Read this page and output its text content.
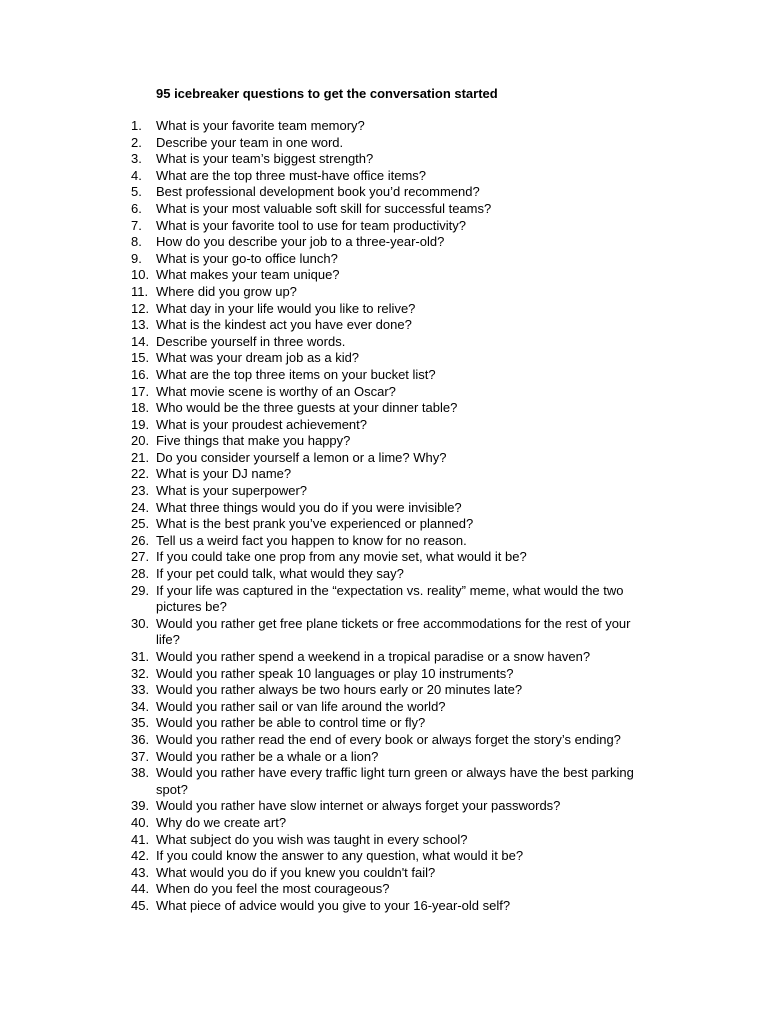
95 icebreaker questions to get the conversation started
1.	What is your favorite team memory?
2.	Describe your team in one word.
3.	What is your team’s biggest strength?
4.	What are the top three must-have office items?
5.	Best professional development book you’d recommend?
6.	What is your most valuable soft skill for successful teams?
7.	What is your favorite tool to use for team productivity?
8.	How do you describe your job to a three-year-old?
9.	What is your go-to office lunch?
10. What makes your team unique?
11. Where did you grow up?
12. What day in your life would you like to relive?
13. What is the kindest act you have ever done?
14. Describe yourself in three words.
15. What was your dream job as a kid?
16. What are the top three items on your bucket list?
17. What movie scene is worthy of an Oscar?
18. Who would be the three guests at your dinner table?
19. What is your proudest achievement?
20. Five things that make you happy?
21. Do you consider yourself a lemon or a lime? Why?
22. What is your DJ name?
23. What is your superpower?
24. What three things would you do if you were invisible?
25. What is the best prank you’ve experienced or planned?
26. Tell us a weird fact you happen to know for no reason.
27. If you could take one prop from any movie set, what would it be?
28. If your pet could talk, what would they say?
29. If your life was captured in the “expectation vs. reality” meme, what would the two pictures be?
30. Would you rather get free plane tickets or free accommodations for the rest of your life?
31. Would you rather spend a weekend in a tropical paradise or a snow haven?
32. Would you rather speak 10 languages or play 10 instruments?
33. Would you rather always be two hours early or 20 minutes late?
34. Would you rather sail or van life around the world?
35. Would you rather be able to control time or fly?
36. Would you rather read the end of every book or always forget the story’s ending?
37. Would you rather be a whale or a lion?
38. Would you rather have every traffic light turn green or always have the best parking spot?
39. Would you rather have slow internet or always forget your passwords?
40. Why do we create art?
41. What subject do you wish was taught in every school?
42. If you could know the answer to any question, what would it be?
43. What would you do if you knew you couldn't fail?
44. When do you feel the most courageous?
45. What piece of advice would you give to your 16-year-old self?
